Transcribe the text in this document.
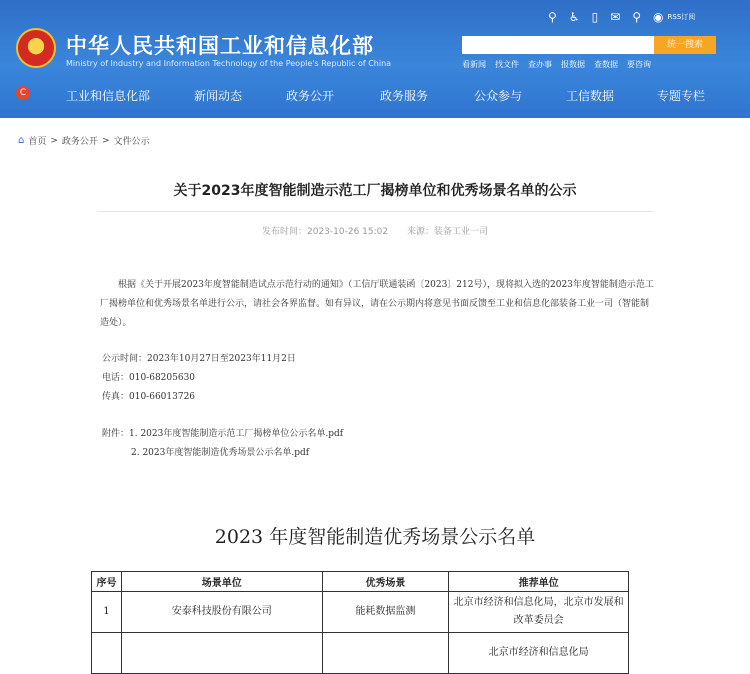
中华人民共和国工业和信息化部
Ministry of Industry and Information Technology of the People's Republic of China
⚲ ♿ ▯ ✉ ⚲ ◉ RSS订阅
统一搜索
看新闻 找文件 查办事 报数据 查数据 要咨询
C	工业和信息化部	新闻动态	政务公开	政务服务	公众参与	工信数据	专题专栏
⌂ 首页 > 政务公开 > 文件公示
关于2023年度智能制造示范工厂揭榜单位和优秀场景名单的公示
发布时间：2023-10-26 15:02 来源：装备工业一司
根据《关于开展2023年度智能制造试点示范行动的通知》（工信厅联通装函〔2023〕212号），现将拟入选的2023年度智能制造示范工厂揭榜单位和优秀场景名单进行公示，请社会各界监督。如有异议，请在公示期内将意见书面反馈至工业和信息化部装备工业一司（智能制造处）。
公示时间：2023年10月27日至2023年11月2日
电话：010-68205630
传真：010-66013726
附件：1. 2023年度智能制造示范工厂揭榜单位公示名单.pdf
2. 2023年度智能制造优秀场景公示名单.pdf
2023 年度智能制造优秀场景公示名单
序号	场景单位	优秀场景	推荐单位
1	安泰科技股份有限公司	能耗数据监测	北京市经济和信息化局，北京市发展和改革委员会
			北京市经济和信息化局
